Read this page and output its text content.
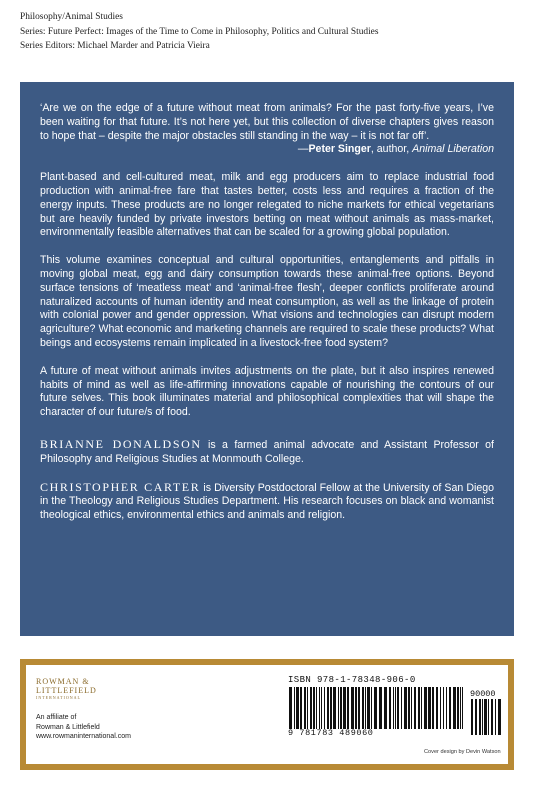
Philosophy/Animal Studies
Series: Future Perfect: Images of the Time to Come in Philosophy, Politics and Cultural Studies
Series Editors: Michael Marder and Patricia Vieira

‘Are we on the edge of a future without meat from animals? For the past forty-five years, I’ve been waiting for that future. It’s not here yet, but this collection of diverse chapters gives reason to hope that – despite the major obstacles still standing in the way – it is not far off’.
—Peter Singer, author, Animal Liberation

Plant-based and cell-cultured meat, milk and egg producers aim to replace industrial food production with animal-free fare that tastes better, costs less and requires a fraction of the energy inputs. These products are no longer relegated to niche markets for ethical vegetarians but are heavily funded by private investors betting on meat without animals as mass-market, environmentally feasible alternatives that can be scaled for a growing global population.

This volume examines conceptual and cultural opportunities, entanglements and pitfalls in moving global meat, egg and dairy consumption towards these animal-free options. Beyond surface tensions of ‘meatless meat’ and ‘animal-free flesh’, deeper conflicts proliferate around naturalized accounts of human identity and meat consumption, as well as the linkage of protein with colonial power and gender oppression. What visions and technologies can disrupt modern agriculture? What economic and marketing channels are required to scale these products? What beings and ecosystems remain implicated in a livestock-free food system?

A future of meat without animals invites adjustments on the plate, but it also inspires renewed habits of mind as well as life-affirming innovations capable of nourishing the contours of our future selves. This book illuminates material and philosophical complexities that will shape the character of our future/s of food.

BRIANNE DONALDSON is a farmed animal advocate and Assistant Professor of Philosophy and Religious Studies at Monmouth College.

CHRISTOPHER CARTER is Diversity Postdoctoral Fellow at the University of San Diego in the Theology and Religious Studies Department. His research focuses on black and womanist theological ethics, environmental ethics and animals and religion.

ROWMAN &
LITTLEFIELD
INTERNATIONAL
An affiliate of
Rowman & Littlefield
www.rowmaninternational.com
ISBN 978-1-78348-906-0
9 781783 489060
90000
Cover design by Devin Watson
